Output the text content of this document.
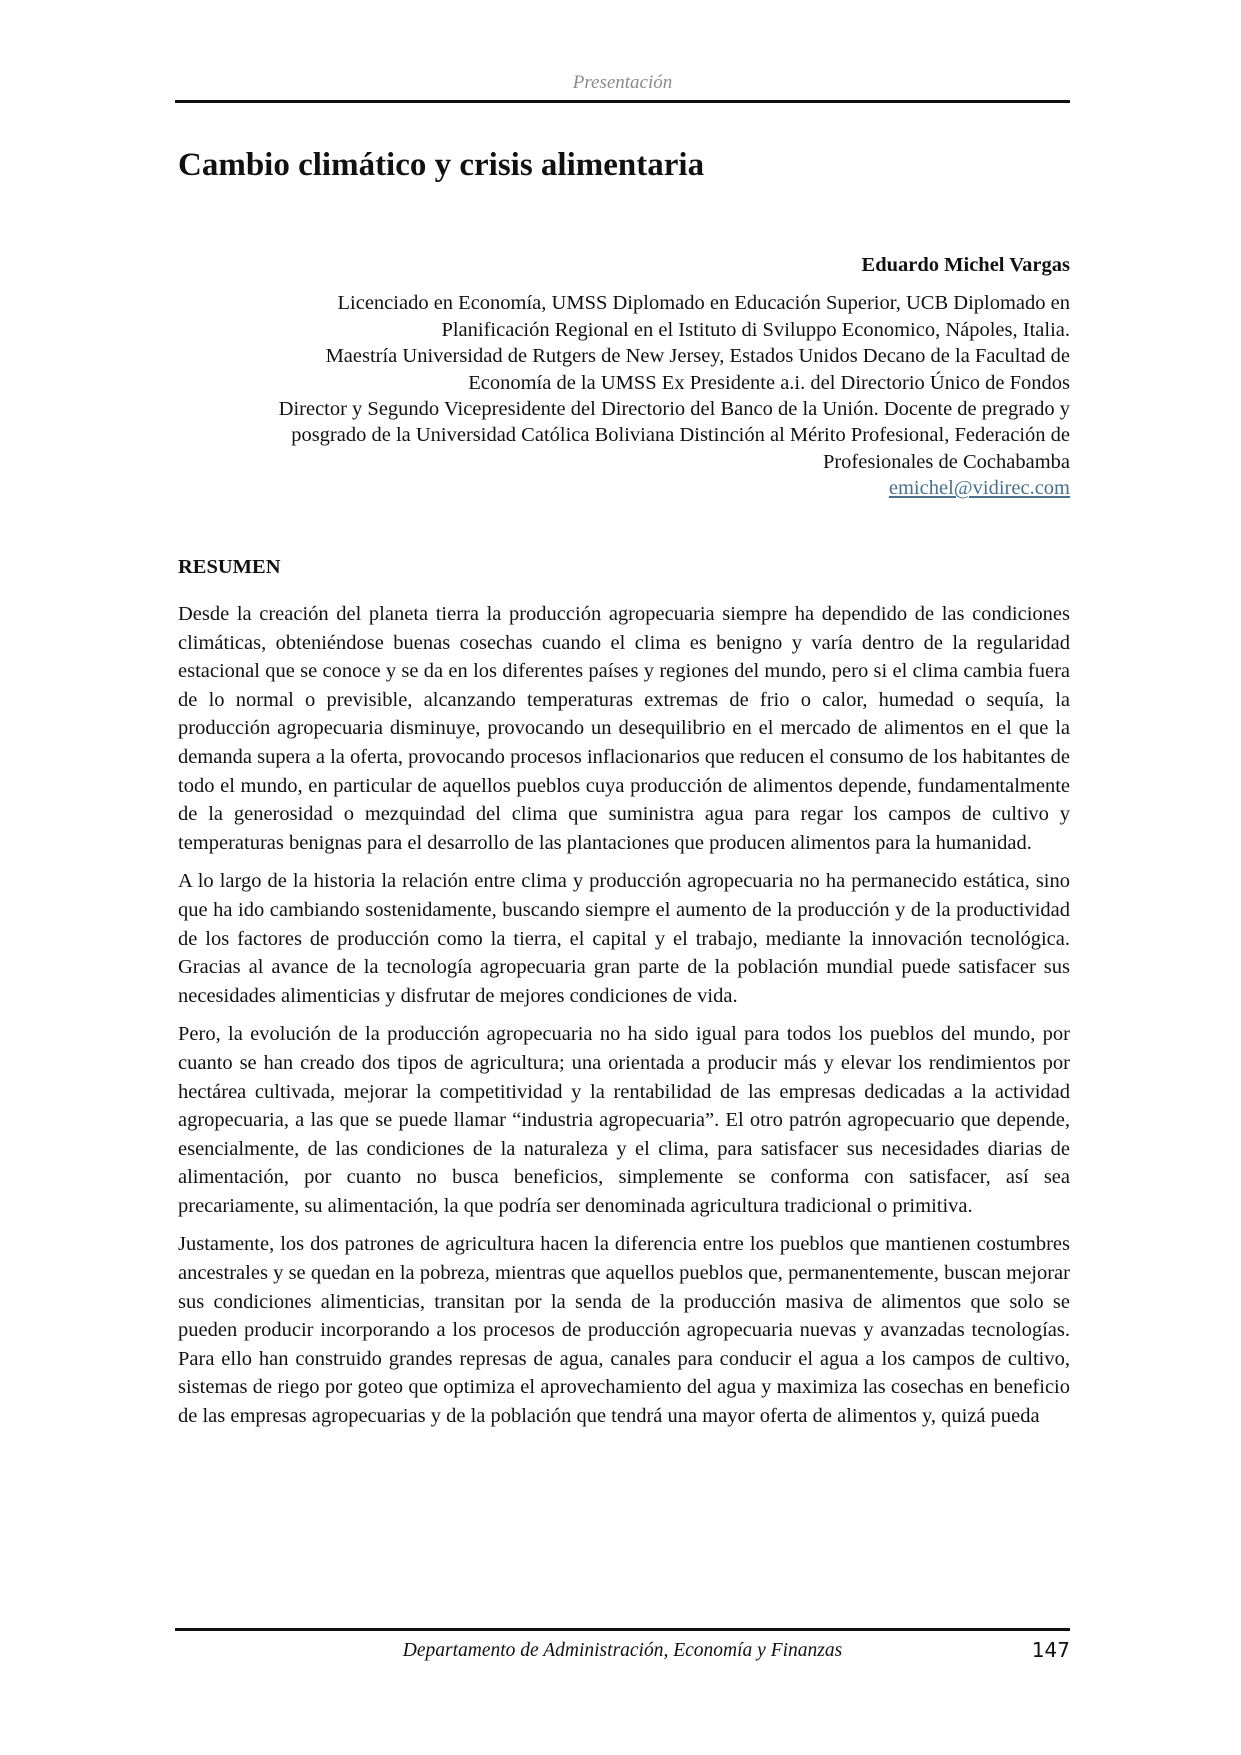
Presentación
Cambio climático y crisis alimentaria
Eduardo Michel Vargas
Licenciado en Economía, UMSS Diplomado en Educación Superior, UCB Diplomado en
Planificación Regional en el Istituto di Sviluppo Economico, Nápoles, Italia.
Maestría Universidad de Rutgers de New Jersey, Estados Unidos Decano de la Facultad de
Economía de la UMSS Ex Presidente a.i. del Directorio Único de Fondos
Director y Segundo Vicepresidente del Directorio del Banco de la Unión. Docente de pregrado y
posgrado de la Universidad Católica Boliviana Distinción al Mérito Profesional, Federación de
Profesionales de Cochabamba
emichel@vidirec.com
RESUMEN

Desde la creación del planeta tierra la producción agropecuaria siempre ha dependido de las condiciones climáticas, obteniéndose buenas cosechas cuando el clima es benigno y varía dentro de la regularidad estacional que se conoce y se da en los diferentes países y regiones del mundo, pero si el clima cambia fuera de lo normal o previsible, alcanzando temperaturas extremas de frio o calor, humedad o sequía, la producción agropecuaria disminuye, provocando un desequilibrio en el mercado de alimentos en el que la demanda supera a la oferta, provocando procesos inflacionarios que reducen el consumo de los habitantes de todo el mundo, en particular de aquellos pueblos cuya producción de alimentos depende, fundamentalmente de la generosidad o mezquindad del clima que suministra agua para regar los campos de cultivo y temperaturas benignas para el desarrollo de las plantaciones que producen alimentos para la humanidad.

A lo largo de la historia la relación entre clima y producción agropecuaria no ha permanecido estática, sino que ha ido cambiando sostenidamente, buscando siempre el aumento de la producción y de la productividad de los factores de producción como la tierra, el capital y el trabajo, mediante la innovación tecnológica. Gracias al avance de la tecnología agropecuaria gran parte de la población mundial puede satisfacer sus necesidades alimenticias y disfrutar de mejores condiciones de vida.

Pero, la evolución de la producción agropecuaria no ha sido igual para todos los pueblos del mundo, por cuanto se han creado dos tipos de agricultura; una orientada a producir más y elevar los rendimientos por hectárea cultivada, mejorar la competitividad y la rentabilidad de las empresas dedicadas a la actividad agropecuaria, a las que se puede llamar “industria agropecuaria”. El otro patrón agropecuario que depende, esencialmente, de las condiciones de la naturaleza y el clima, para satisfacer sus necesidades diarias de alimentación, por cuanto no busca beneficios, simplemente se conforma con satisfacer, así sea precariamente, su alimentación, la que podría ser denominada agricultura tradicional o primitiva.

Justamente, los dos patrones de agricultura hacen la diferencia entre los pueblos que mantienen costumbres ancestrales y se quedan en la pobreza, mientras que aquellos pueblos que, permanentemente, buscan mejorar sus condiciones alimenticias, transitan por la senda de la producción masiva de alimentos que solo se pueden producir incorporando a los procesos de producción agropecuaria nuevas y avanzadas tecnologías. Para ello han construido grandes represas de agua, canales para conducir el agua a los campos de cultivo, sistemas de riego por goteo que optimiza el aprovechamiento del agua y maximiza las cosechas en beneficio de las empresas agropecuarias y de la población que tendrá una mayor oferta de alimentos y, quizá pueda

Departamento de Administración, Economía y Finanzas	147
